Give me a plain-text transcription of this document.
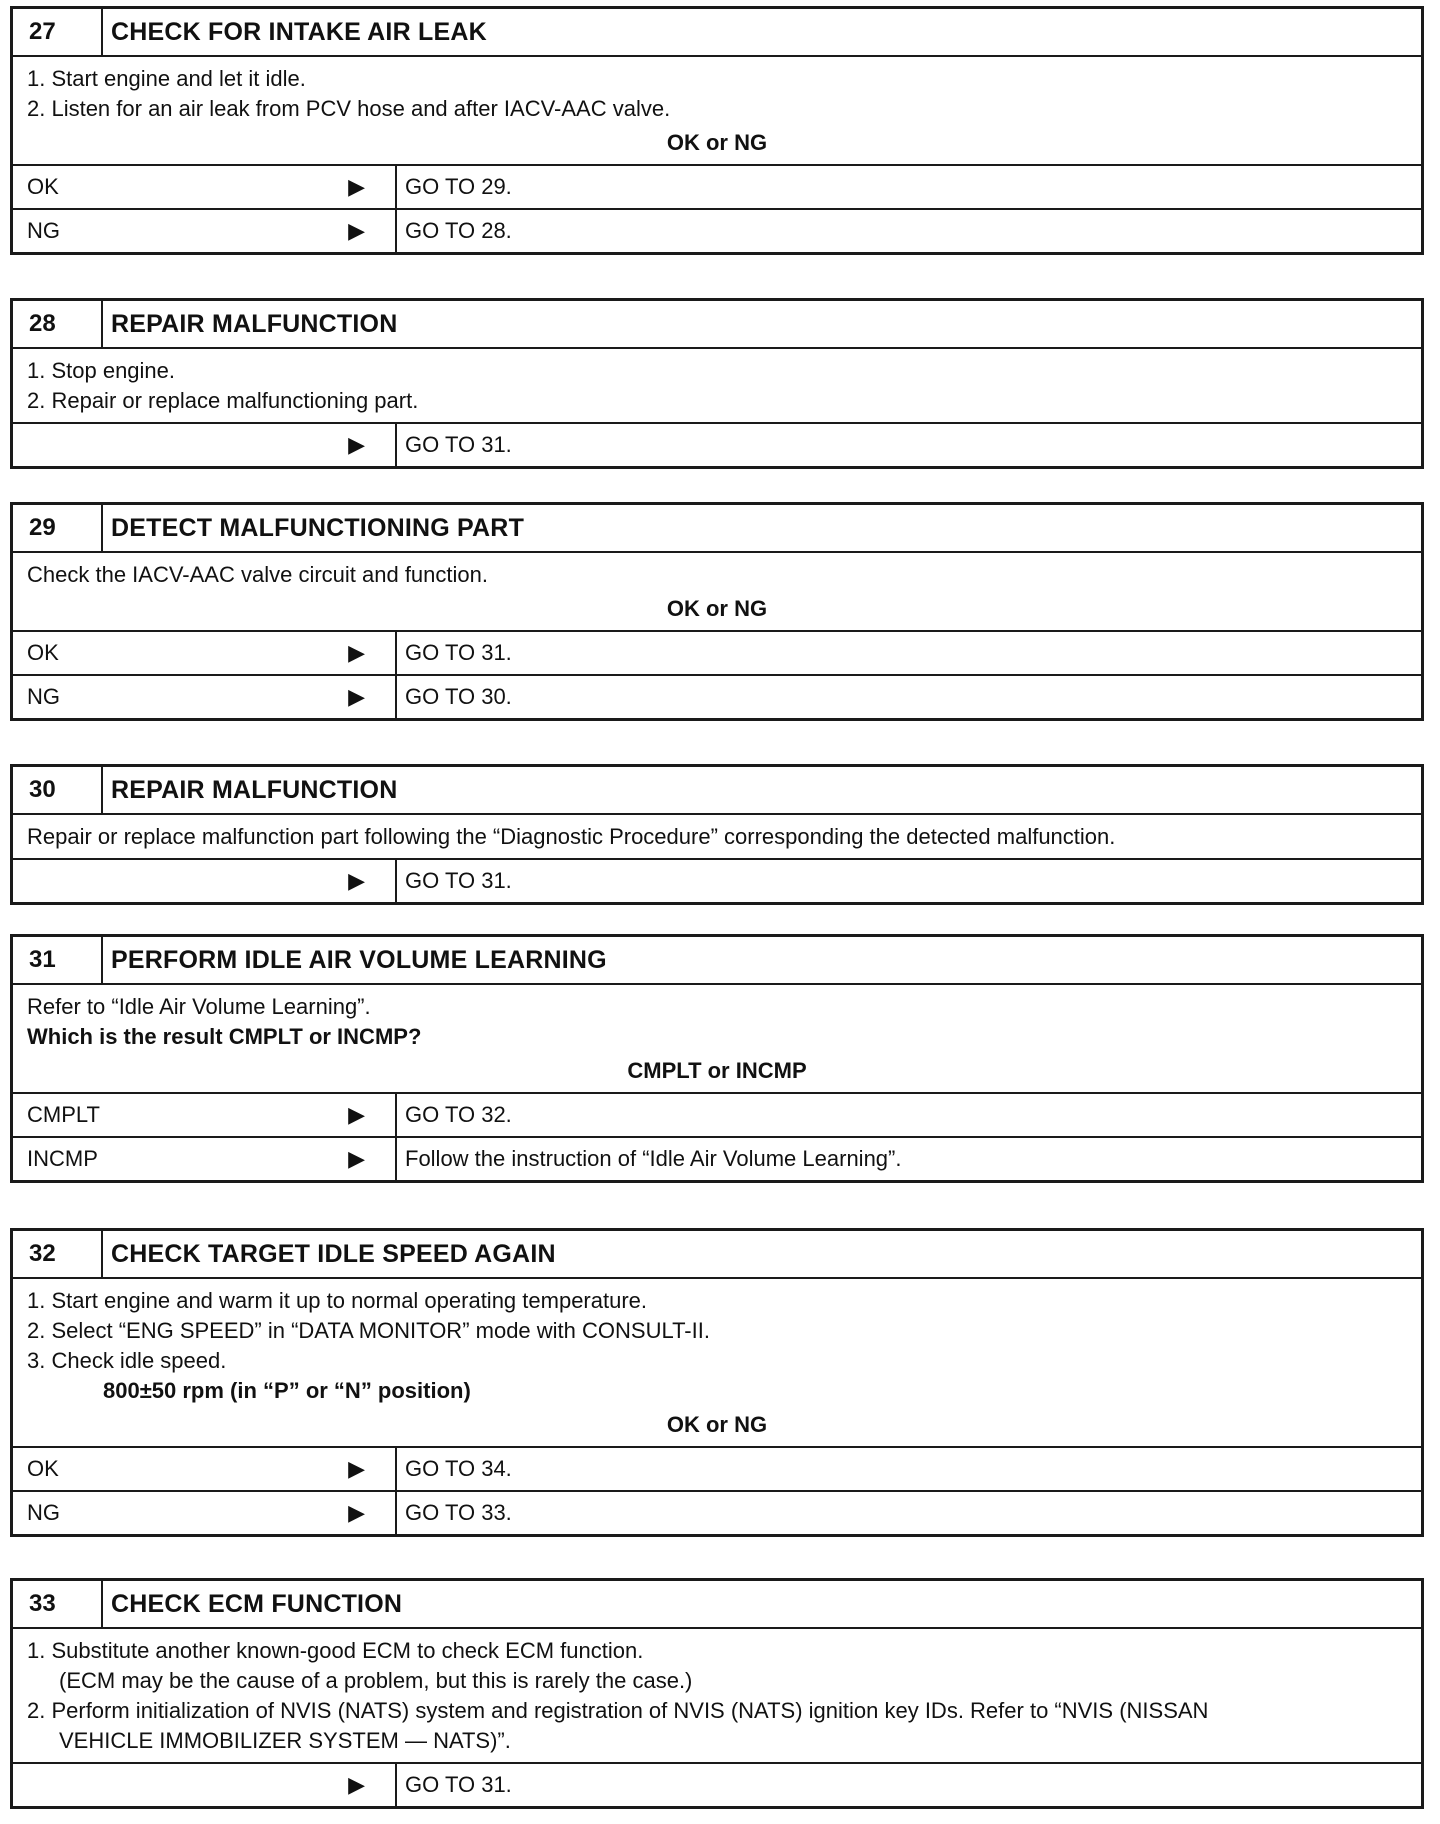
27	CHECK FOR INTAKE AIR LEAK
1. Start engine and let it idle.
2. Listen for an air leak from PCV hose and after IACV-AAC valve.
OK or NG
OK	▶	GO TO 29.
NG	▶	GO TO 28.
28	REPAIR MALFUNCTION
1. Stop engine.
2. Repair or replace malfunctioning part.
▶	GO TO 31.
29	DETECT MALFUNCTIONING PART
Check the IACV-AAC valve circuit and function.
OK or NG
OK	▶	GO TO 31.
NG	▶	GO TO 30.
30	REPAIR MALFUNCTION
Repair or replace malfunction part following the “Diagnostic Procedure” corresponding the detected malfunction.
▶	GO TO 31.
31	PERFORM IDLE AIR VOLUME LEARNING
Refer to “Idle Air Volume Learning”.
Which is the result CMPLT or INCMP?
CMPLT or INCMP
CMPLT	▶	GO TO 32.
INCMP	▶	Follow the instruction of “Idle Air Volume Learning”.
32	CHECK TARGET IDLE SPEED AGAIN
1. Start engine and warm it up to normal operating temperature.
2. Select “ENG SPEED” in “DATA MONITOR” mode with CONSULT-II.
3. Check idle speed.
800±50 rpm (in “P” or “N” position)
OK or NG
OK	▶	GO TO 34.
NG	▶	GO TO 33.
33	CHECK ECM FUNCTION
1. Substitute another known-good ECM to check ECM function.
(ECM may be the cause of a problem, but this is rarely the case.)
2. Perform initialization of NVIS (NATS) system and registration of NVIS (NATS) ignition key IDs. Refer to “NVIS (NISSAN
VEHICLE IMMOBILIZER SYSTEM — NATS)”.
▶	GO TO 31.
